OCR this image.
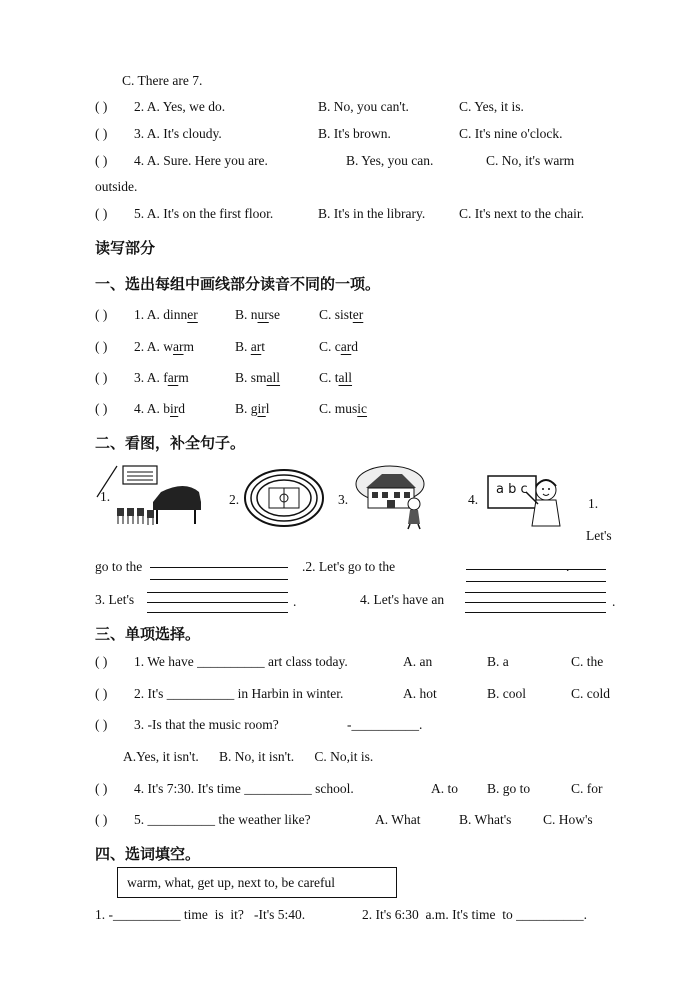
C. There are 7.
( ) 2. A. Yes, we do.	B. No, you can't.	C. Yes, it is.
( ) 3. A. It's cloudy.	B. It's brown.	C. It's nine o'clock.
( ) 4. A. Sure. Here you are.	B. Yes, you can.	C. No, it's warm
outside.
( ) 5. A. It's on the first floor.	B. It's in the library. C. It's next to the chair.
读写部分
一、选出每组中画线部分读音不同的一项。
( ) 1. A. dinner	B. nurse	C. sister
( ) 2. A. warm	B. art	C. card
( ) 3. A. farm	B. small	C. tall
( ) 4. A. bird	B. girl	C. music
二、看图，补全句子。
1.	2.	3.	4.
a b c
1.
Let's
go to the	.2. Let's go to the	.
3. Let's	.	4. Let's have an	.
三、单项选择。
( ) 1. We have __________ art class today.	A. an	B. a	C. the
( ) 2. It's __________ in Harbin in winter.	A. hot	B. cool	C. cold
( ) 3. -Is that the music room?	-__________.
A.Yes, it isn't.      B. No, it isn't.      C. No,it is.
( ) 4. It's 7:30. It's time __________ school.	A. to B. go to	C. for
( ) 5. __________ the weather like?	A. What	B. What's C. How's
四、选词填空。
warm, what, get up, next to, be careful
1. -__________ time  is  it?   -It's 5:40.	2. It's 6:30  a.m. It's time  to __________.
